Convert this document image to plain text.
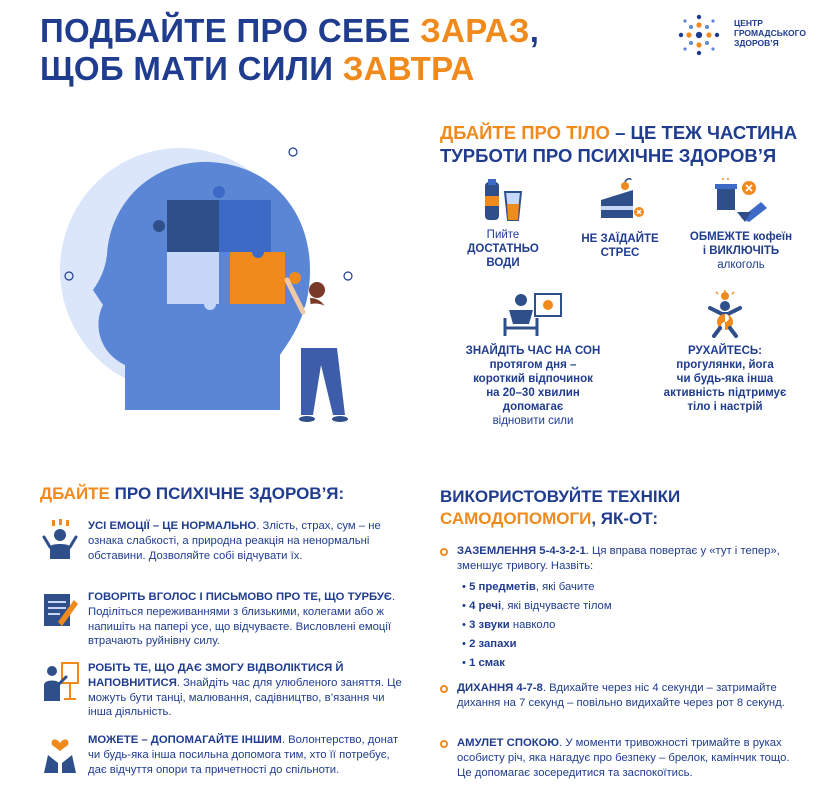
ПОДБАЙТЕ ПРО СЕБЕ ЗАРАЗ,
ЩОБ МАТИ СИЛИ ЗАВТРА
ЦЕНТР
ГРОМАДСЬКОГО
ЗДОРОВ’Я
ДБАЙТЕ ПРО ТІЛО – ЦЕ ТЕЖ ЧАСТИНА ТУРБОТИ ПРО ПСИХІЧНЕ ЗДОРОВ’Я
Пийте
ДОСТАТНЬО
ВОДИ
НЕ ЗАЇДАЙТЕ
СТРЕС
ОБМЕЖТЕ кофеїн
і ВИКЛЮЧІТЬ
алкоголь
ЗНАЙДІТЬ ЧАС НА СОН
протягом дня –
короткий відпочинок
на 20–30 хвилин
допомагає
відновити сили
РУХАЙТЕСЬ:
прогулянки, йога
чи будь-яка інша
активність підтримує
тіло і настрій
ДБАЙТЕ ПРО ПСИХІЧНЕ ЗДОРОВ’Я:
УСІ ЕМОЦІЇ – ЦЕ НОРМАЛЬНО. Злість, страх, сум – не ознака слабкості, а природна реакція на ненормальні обставини. Дозволяйте собі відчувати їх.
ГОВОРІТЬ ВГОЛОС І ПИСЬМОВО ПРО ТЕ, ЩО ТУРБУЄ. Поділіться переживаннями з близькими, колегами або ж напишіть на папері усе, що відчуваєте. Висловлені емоції втрачають руйнівну силу.
РОБІТЬ ТЕ, ЩО ДАЄ ЗМОГУ ВІДВОЛІКТИСЯ Й НАПОВНИТИСЯ. Знайдіть час для улюбленого заняття. Це можуть бути танці, малювання, садівництво, в’язання чи інша діяльність.
МОЖЕТЕ – ДОПОМАГАЙТЕ ІНШИМ. Волонтерство, донат чи будь-яка інша посильна допомога тим, хто її потребує, дає відчуття опори та причетності до спільноти.
ВИКОРИСТОВУЙТЕ ТЕХНІКИ
САМОДОПОМОГИ, ЯК-ОТ:
ЗАЗЕМЛЕННЯ 5-4-3-2-1. Ця вправа повертає у «тут і тепер», зменшує тривогу. Назвіть:
• 5 предметів, які бачите
• 4 речі, які відчуваєте тілом
• 3 звуки навколо
• 2 запахи
• 1 смак
ДИХАННЯ 4-7-8. Вдихайте через ніс 4 секунди – затримайте дихання на 7 секунд – повільно видихайте через рот 8 секунд.
АМУЛЕТ СПОКОЮ. У моменти тривожності тримайте в руках особисту річ, яка нагадує про безпеку – брелок, камінчик тощо. Це допомагає зосередитися та заспокоїтись.
